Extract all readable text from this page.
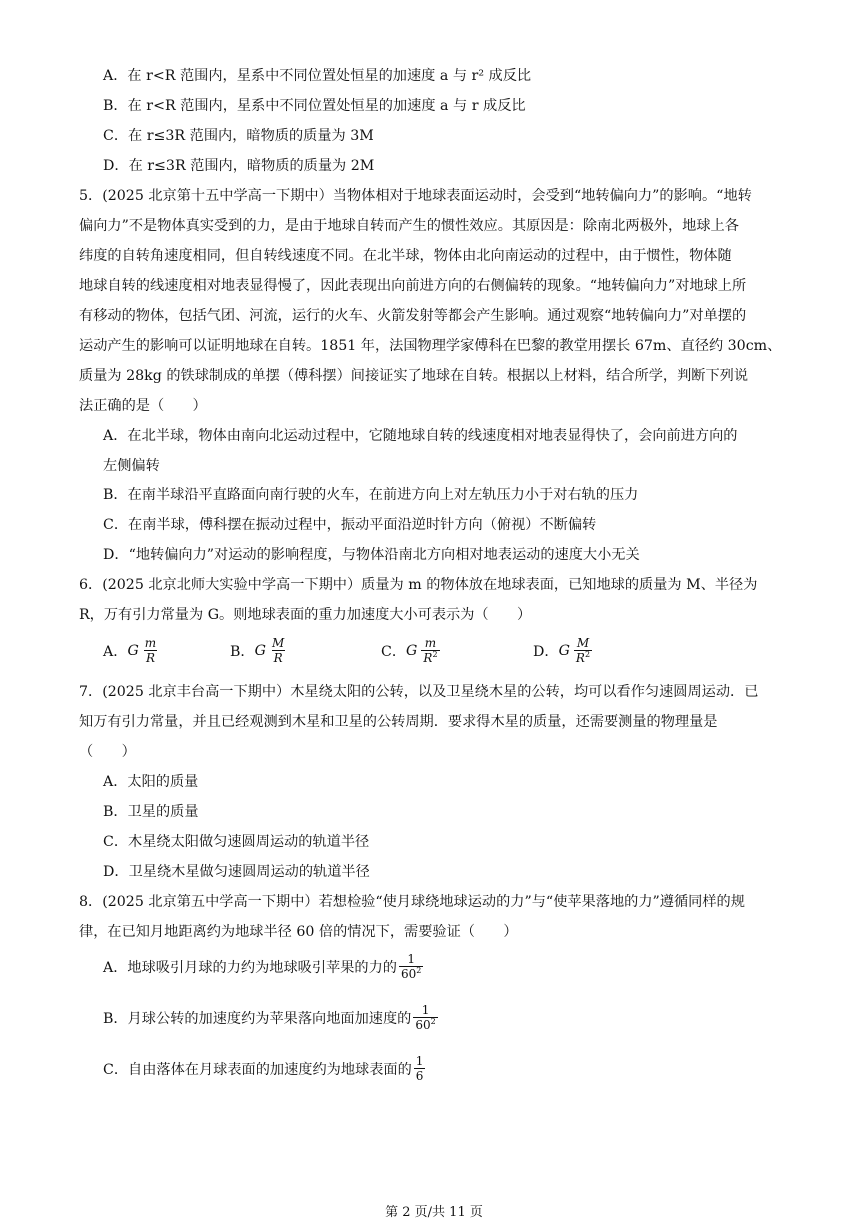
A．在 r<R 范围内，星系中不同位置处恒星的加速度 a 与 r² 成反比
B．在 r<R 范围内，星系中不同位置处恒星的加速度 a 与 r 成反比
C．在 r≤3R 范围内，暗物质的质量为 3M
D．在 r≤3R 范围内，暗物质的质量为 2M
5．(2025 北京第十五中学高一下期中）当物体相对于地球表面运动时，会受到“地转偏向力”的影响。“地转
偏向力”不是物体真实受到的力，是由于地球自转而产生的惯性效应。其原因是：除南北两极外，地球上各
纬度的自转角速度相同，但自转线速度不同。在北半球，物体由北向南运动的过程中，由于惯性，物体随
地球自转的线速度相对地表显得慢了，因此表现出向前进方向的右侧偏转的现象。“地转偏向力”对地球上所
有移动的物体，包括气团、河流，运行的火车、火箭发射等都会产生影响。通过观察“地转偏向力”对单摆的
运动产生的影响可以证明地球在自转。1851 年，法国物理学家傅科在巴黎的教堂用摆长 67m、直径约 30cm、
质量为 28kg 的铁球制成的单摆（傅科摆）间接证实了地球在自转。根据以上材料，结合所学，判断下列说
法正确的是（　　）
A．在北半球，物体由南向北运动过程中，它随地球自转的线速度相对地表显得快了，会向前进方向的
左侧偏转
B．在南半球沿平直路面向南行驶的火车，在前进方向上对左轨压力小于对右轨的压力
C．在南半球，傅科摆在振动过程中，振动平面沿逆时针方向（俯视）不断偏转
D．“地转偏向力”对运动的影响程度，与物体沿南北方向相对地表运动的速度大小无关
6．(2025 北京北师大实验中学高一下期中）质量为 m 的物体放在地球表面，已知地球的质量为 M、半径为
R，万有引力常量为 G。则地球表面的重力加速度大小可表示为（　　）
A． G $\frac{m}{R}$	B． G $\frac{M}{R}$	C． G $\frac{m}{R^2}$	D． G $\frac{M}{R^2}$
7．(2025 北京丰台高一下期中）木星绕太阳的公转，以及卫星绕木星的公转，均可以看作匀速圆周运动．已
知万有引力常量，并且已经观测到木星和卫星的公转周期．要求得木星的质量，还需要测量的物理量是
（　　）
A．太阳的质量
B．卫星的质量
C．木星绕太阳做匀速圆周运动的轨道半径
D．卫星绕木星做匀速圆周运动的轨道半径
8．(2025 北京第五中学高一下期中）若想检验“使月球绕地球运动的力”与“使苹果落地的力”遵循同样的规
律，在已知月地距离约为地球半径 60 倍的情况下，需要验证（　　）
A．地球吸引月球的力约为地球吸引苹果的力的 $\frac{1}{60^2}$
B．月球公转的加速度约为苹果落向地面加速度的 $\frac{1}{60^2}$
C．自由落体在月球表面的加速度约为地球表面的 $\frac{1}{6}$
第 2 页/共 11 页
